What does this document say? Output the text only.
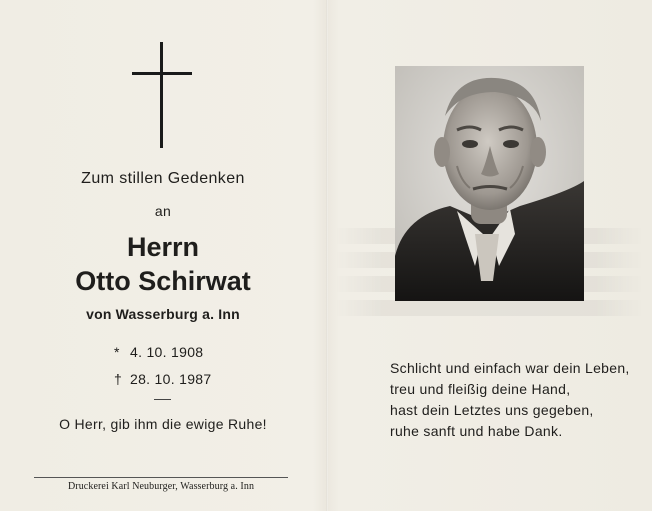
Zum stillen Gedenken
an
Herrn
Otto Schirwat
von Wasserburg a. Inn
* 4. 10. 1908
† 28. 10. 1987
O Herr, gib ihm die ewige Ruhe!
Druckerei Karl Neuburger, Wasserburg a. Inn
Schlicht und einfach war dein Leben,
treu und fleißig deine Hand,
hast dein Letztes uns gegeben,
ruhe sanft und habe Dank.
